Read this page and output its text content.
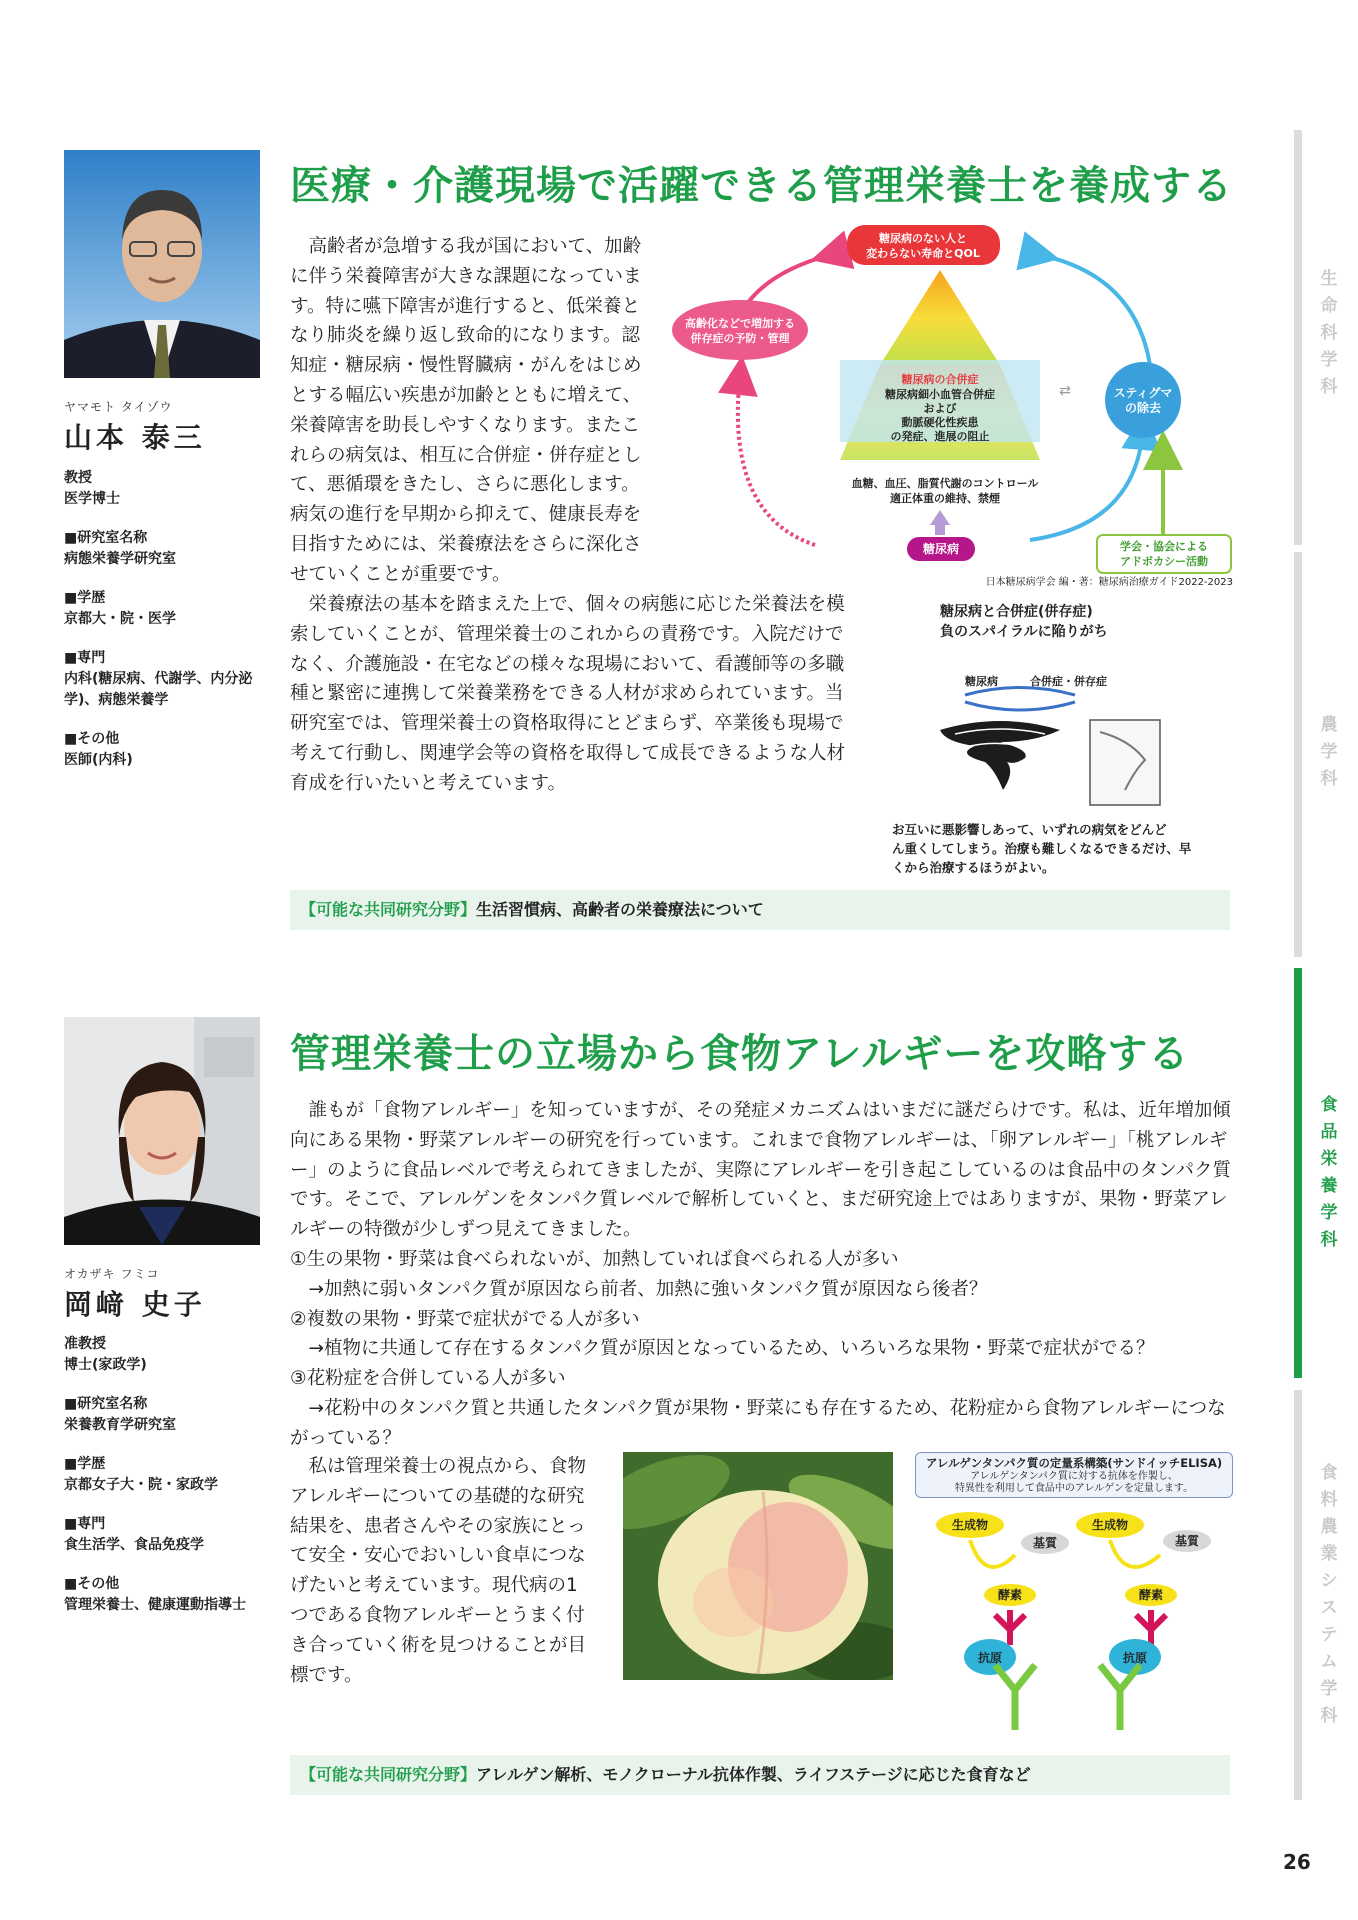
生命科学科
農学科
食品栄養学科
食料農業システム学科
ヤマモト タイゾウ
山本 泰三
教授
医学博士
■研究室名称
病態栄養学研究室
■学歴
京都大・院・医学
■専門
内科(糖尿病、代謝学、内分泌学)、病態栄養学
■その他
医師(内科)
医療・介護現場で活躍できる管理栄養士を養成する

高齢者が急増する我が国において、加齢に伴う栄養障害が大きな課題になっています。特に嚥下障害が進行すると、低栄養となり肺炎を繰り返し致命的になります。認知症・糖尿病・慢性腎臓病・がんをはじめとする幅広い疾患が加齢とともに増えて、栄養障害を助長しやすくなります。またこれらの病気は、相互に合併症・併存症として、悪循環をきたし、さらに悪化します。病気の進行を早期から抑えて、健康長寿を目指すためには、栄養療法をさらに深化させていくことが重要です。

栄養療法の基本を踏まえた上で、個々の病態に応じた栄養法を模索していくことが、管理栄養士のこれからの責務です。入院だけでなく、介護施設・在宅などの様々な現場において、看護師等の多職種と緊密に連携して栄養業務をできる人材が求められています。当研究室では、管理栄養士の資格取得にとどまらず、卒業後も現場で考えて行動し、関連学会等の資格を取得して成長できるような人材育成を行いたいと考えています。

糖尿病のない人と
変わらない寿命とQOL
高齢化などで増加する
併存症の予防・管理
糖尿病の合併症
糖尿病細小血管合併症
および
動脈硬化性疾患
の発症、進展の阻止
⇄	スティグマ
の除去
血糖、血圧、脂質代謝のコントロール
適正体重の維持、禁煙
糖尿病	学会・協会による
アドボカシー活動
日本糖尿病学会 編・著：糖尿病治療ガイド2022-2023
糖尿病と合併症(併存症)
負のスパイラルに陥りがち
糖尿病	合併症・併存症
お互いに悪影響しあって、いずれの病気をどんど
ん重くしてしまう。治療も難しくなるできるだけ、早
くから治療するほうがよい。
【可能な共同研究分野】生活習慣病、高齢者の栄養療法について
オカザキ フミコ
岡﨑 史子
准教授
博士(家政学)
■研究室名称
栄養教育学研究室
■学歴
京都女子大・院・家政学
■専門
食生活学、食品免疫学
■その他
管理栄養士、健康運動指導士
管理栄養士の立場から食物アレルギーを攻略する

誰もが「食物アレルギー」を知っていますが、その発症メカニズムはいまだに謎だらけです。私は、近年増加傾向にある果物・野菜アレルギーの研究を行っています。これまで食物アレルギーは、「卵アレルギー」「桃アレルギー」のように食品レベルで考えられてきましたが、実際にアレルギーを引き起こしているのは食品中のタンパク質です。そこで、アレルゲンをタンパク質レベルで解析していくと、まだ研究途上ではありますが、果物・野菜アレルギーの特徴が少しずつ見えてきました。

①生の果物・野菜は食べられないが、加熱していれば食べられる人が多い

→加熱に弱いタンパク質が原因なら前者、加熱に強いタンパク質が原因なら後者？

②複数の果物・野菜で症状がでる人が多い

→植物に共通して存在するタンパク質が原因となっているため、いろいろな果物・野菜で症状がでる？

③花粉症を合併している人が多い

→花粉中のタンパク質と共通したタンパク質が果物・野菜にも存在するため、花粉症から食物アレルギーにつながっている？

私は管理栄養士の視点から、食物アレルギーについての基礎的な研究結果を、患者さんやその家族にとって安全・安心でおいしい食卓につなげたいと考えています。現代病の1つである食物アレルギーとうまく付き合っていく術を見つけることが目標です。

アレルゲンタンパク質の定量系構築(サンドイッチELISA)
アレルゲンタンパク質に対する抗体を作製し、
特異性を利用して食品中のアレルゲンを定量します。
生成物
基質
酵素
抗原
生成物
基質
酵素
抗原
【可能な共同研究分野】アレルゲン解析、モノクローナル抗体作製、ライフステージに応じた食育など
26
